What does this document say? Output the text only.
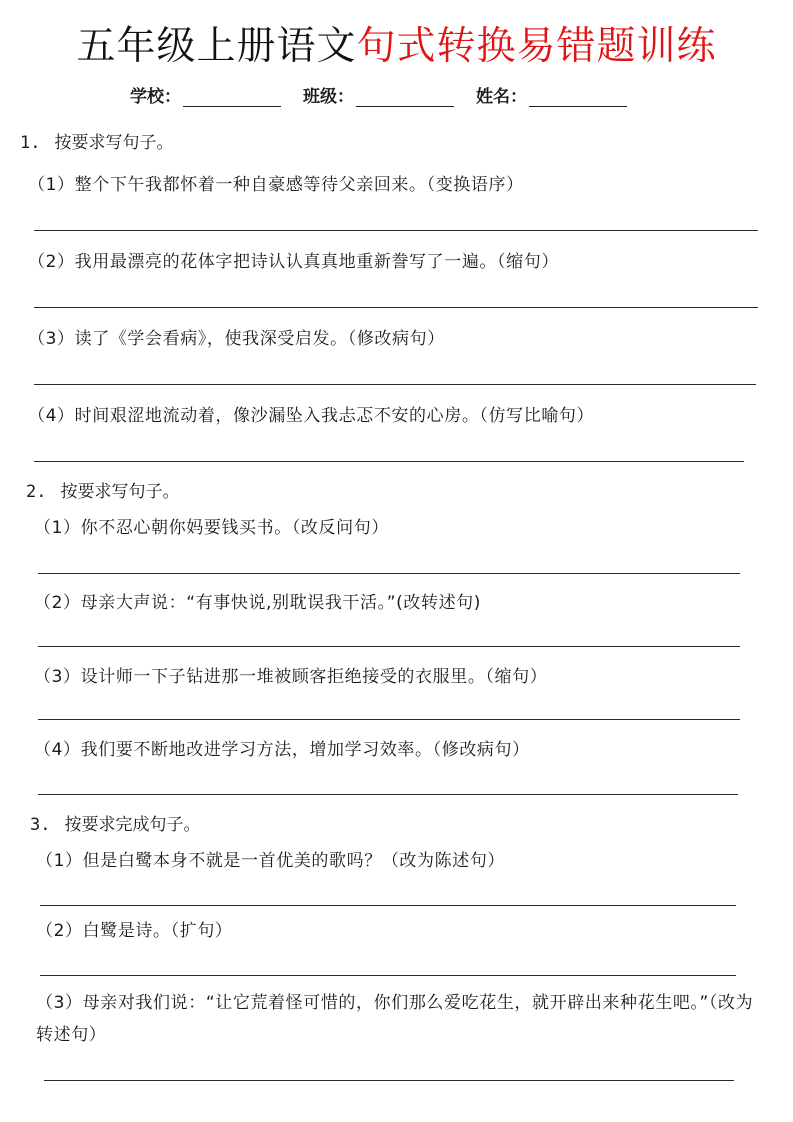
五年级上册语文句式转换易错题训练
学校：	班级：	姓名：
1. 按要求写句子。
（1）整个下午我都怀着一种自豪感等待父亲回来。（变换语序）
（2）我用最漂亮的花体字把诗认认真真地重新誊写了一遍。（缩句）
（3）读了《学会看病》，使我深受启发。（修改病句）
（4）时间艰涩地流动着，像沙漏坠入我忐忑不安的心房。（仿写比喻句）
2. 按要求写句子。
（1）你不忍心朝你妈要钱买书。（改反问句）
（2）母亲大声说：“有事快说,别耽误我干活。”(改转述句)
（3）设计师一下子钻进那一堆被顾客拒绝接受的衣服里。（缩句）
（4）我们要不断地改进学习方法，增加学习效率。（修改病句）
3. 按要求完成句子。
（1）但是白鹭本身不就是一首优美的歌吗？（改为陈述句）
（2）白鹭是诗。（扩句）
（3）母亲对我们说：“让它荒着怪可惜的，你们那么爱吃花生，就开辟出来种花生吧。”（改为转述句）
